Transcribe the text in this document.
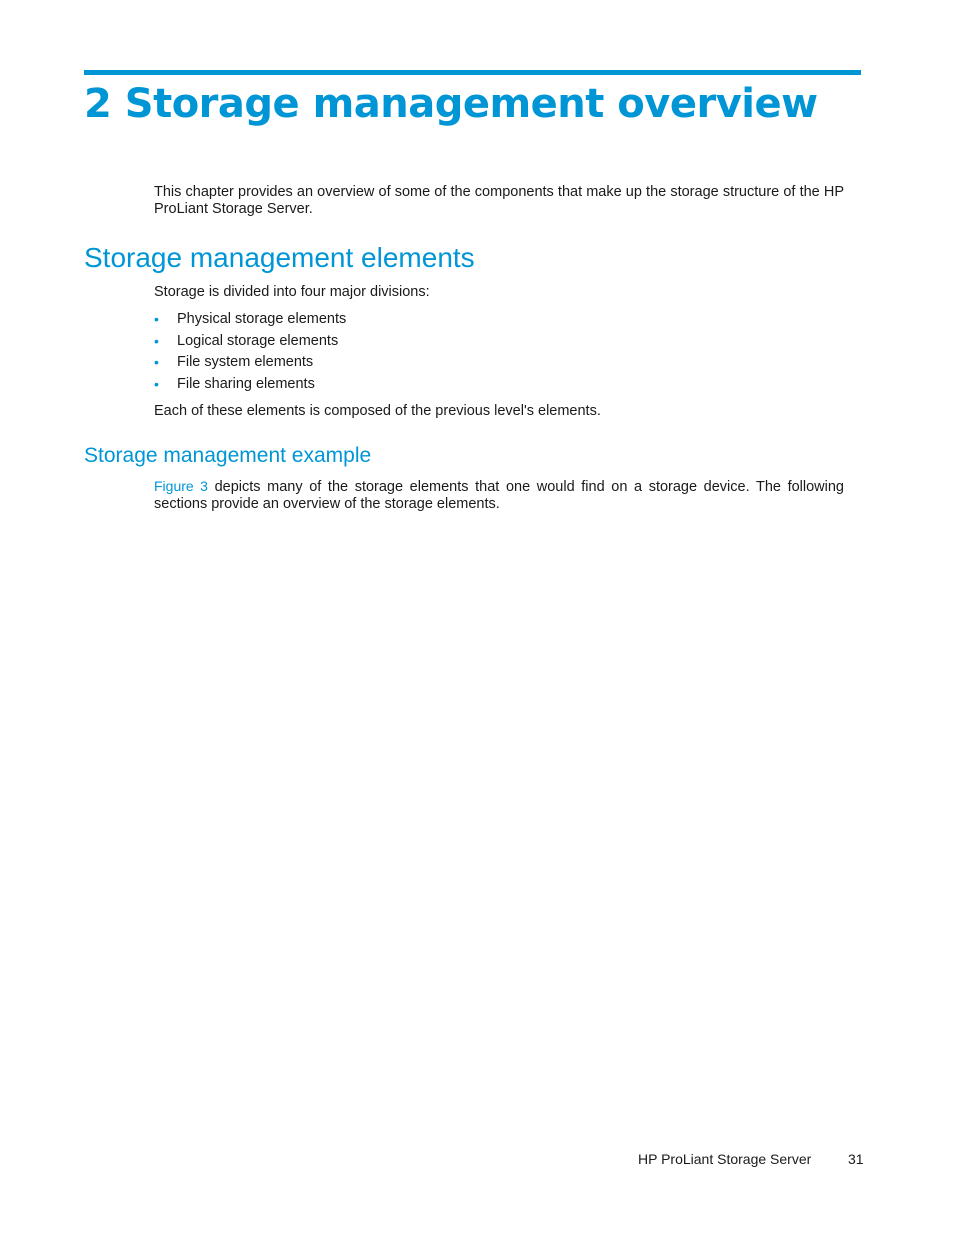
2 Storage management overview

This chapter provides an overview of some of the components that make up the storage structure of the HP ProLiant Storage Server.

Storage management elements

Storage is divided into four major divisions:

• Physical storage elements
• Logical storage elements
• File system elements
• File sharing elements

Each of these elements is composed of the previous level's elements.

Storage management example

Figure 3 depicts many of the storage elements that one would find on a storage device. The following sections provide an overview of the storage elements.

HP ProLiant Storage Server	31
